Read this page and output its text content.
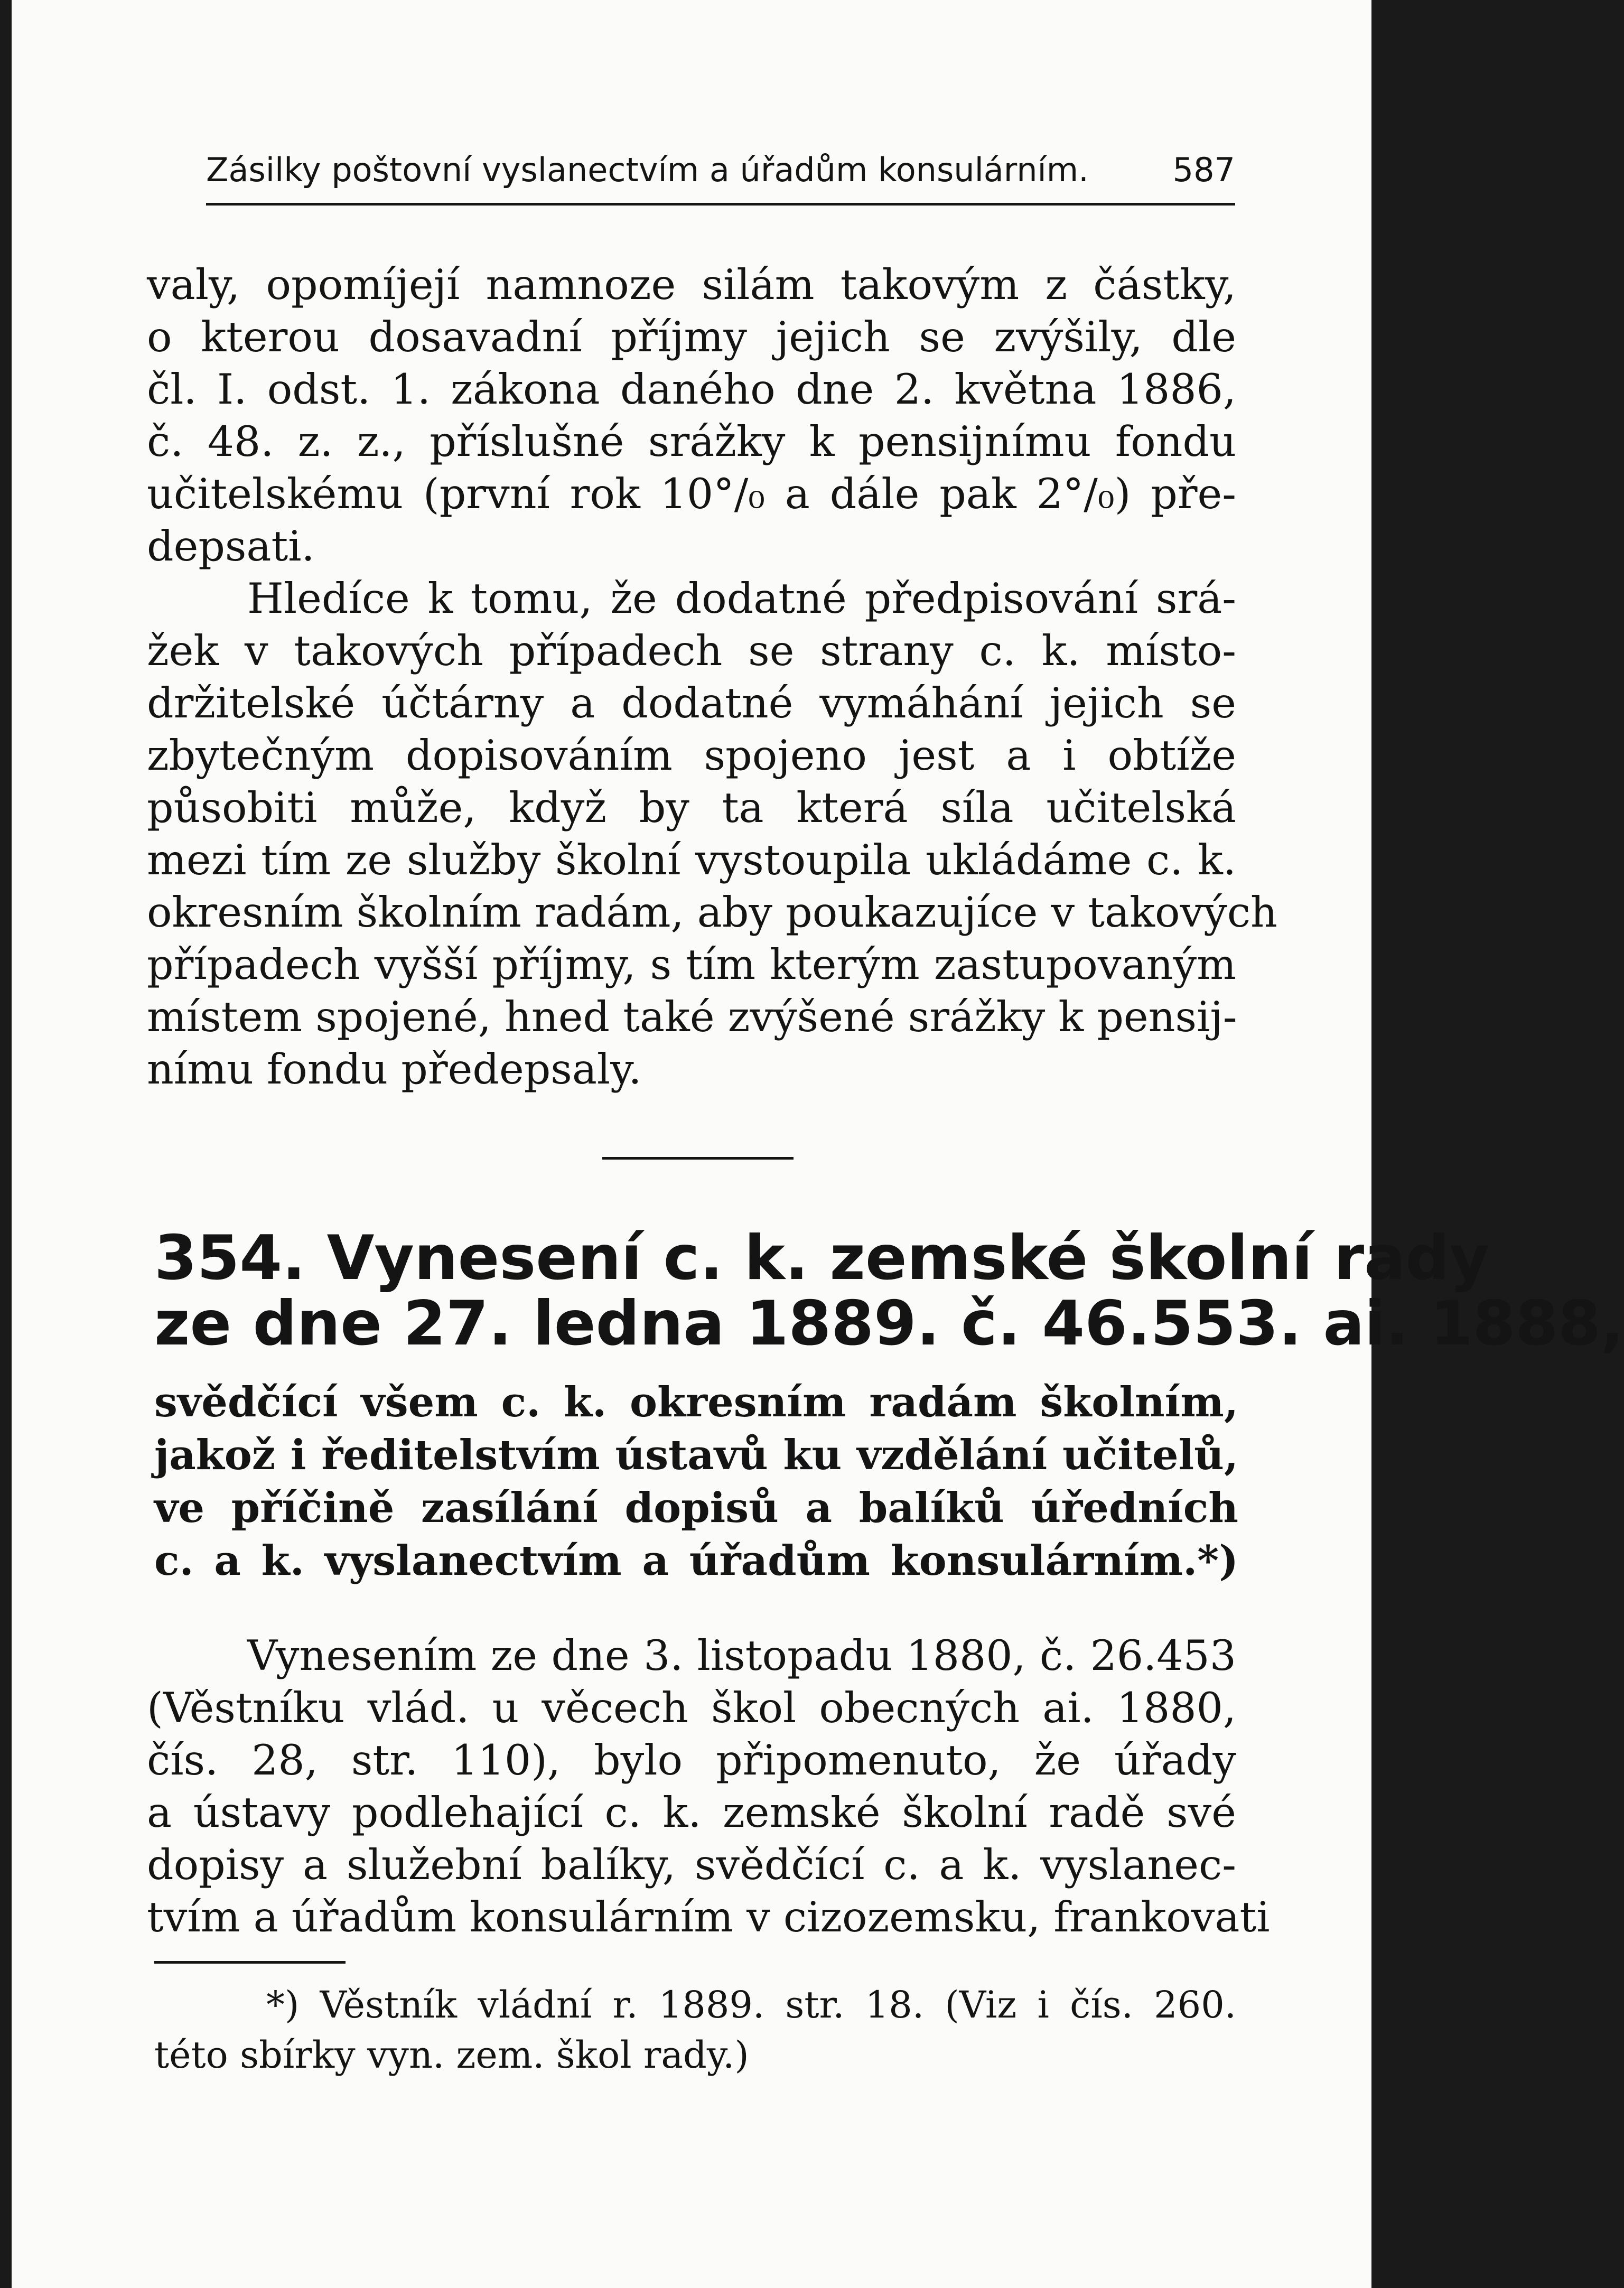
Zásilky poštovní vyslanectvím a úřadům konsulárním.	587
valy, opomíjejí namnoze silám takovým z částky,
o kterou dosavadní příjmy jejich se zvýšily, dle
čl. I. odst. 1. zákona daného dne 2. května 1886,
č. 48. z. z., příslušné srážky k pensijnímu fondu
učitelskému (první rok 10°/₀ a dále pak 2°/₀) pře-
depsati.
Hledíce k tomu, že dodatné předpisování srá-
žek v takových případech se strany c. k. místo-
držitelské účtárny a dodatné vymáhání jejich se
zbytečným dopisováním spojeno jest a i obtíže
působiti může, když by ta která síla učitelská
mezi tím ze služby školní vystoupila ukládáme c. k.
okresním školním radám, aby poukazujíce v takových
případech vyšší příjmy, s tím kterým zastupovaným
místem spojené, hned také zvýšené srážky k pensij-
nímu fondu předepsaly.
354. Vynesení c. k. zemské školní rady
ze dne 27. ledna 1889. č. 46.553. ai. 1888,
svědčící všem c. k. okresním radám školním,
jakož i ředitelstvím ústavů ku vzdělání učitelů,
ve příčině zasílání dopisů a balíků úředních
c. a k. vyslanectvím a úřadům konsulárním.*)
Vynesením ze dne 3. listopadu 1880, č. 26.453
(Věstníku vlád. u věcech škol obecných ai. 1880,
čís. 28, str. 110), bylo připomenuto, že úřady
a ústavy podlehající c. k. zemské školní radě své
dopisy a služební balíky, svědčící c. a k. vyslanec-
tvím a úřadům konsulárním v cizozemsku, frankovati
*) Věstník vládní r. 1889. str. 18. (Viz i čís. 260.
této sbírky vyn. zem. škol rady.)
